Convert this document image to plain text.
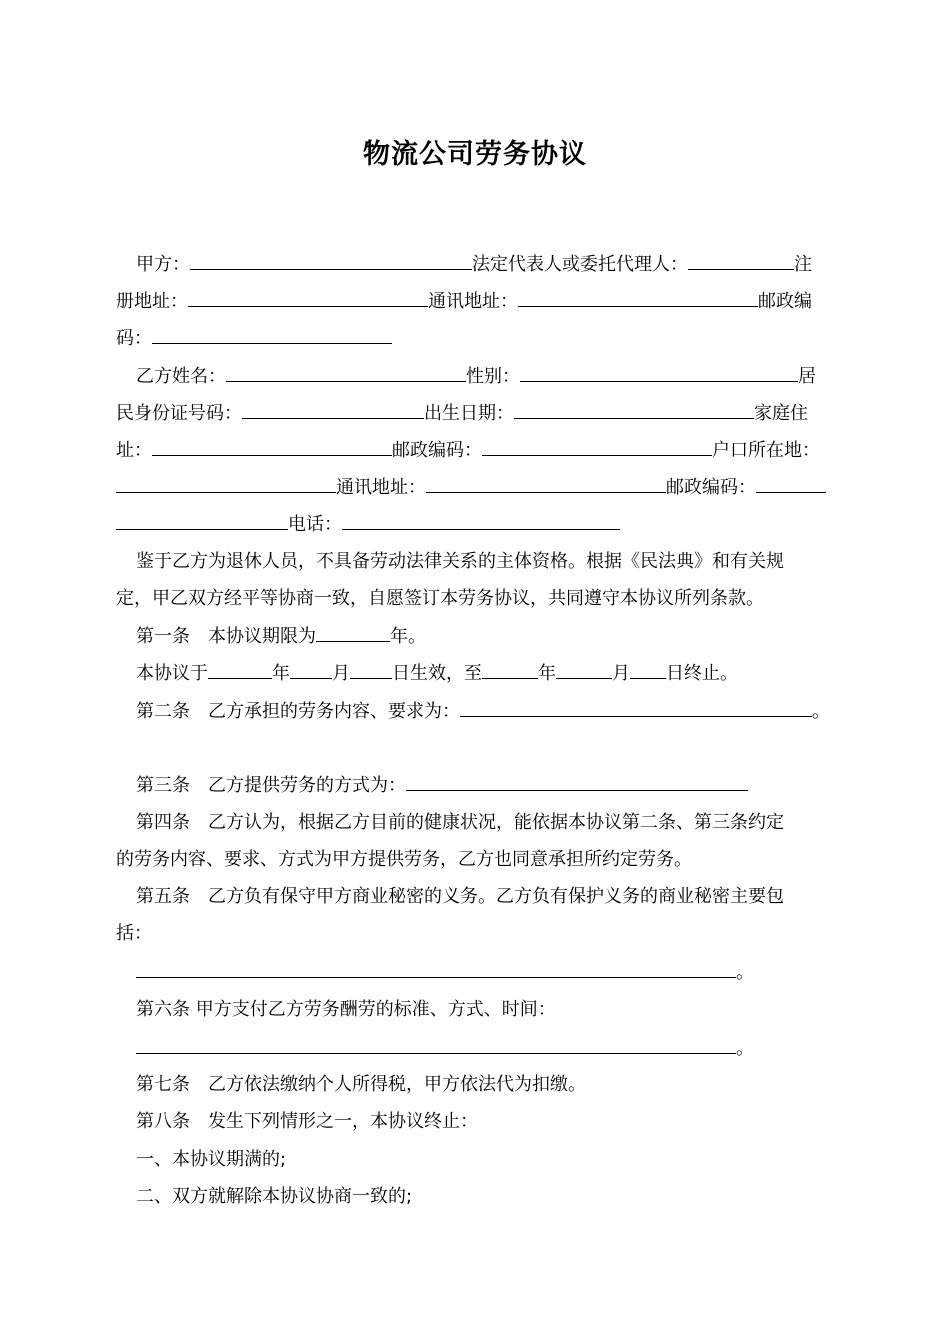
物流公司劳务协议
甲方：	法定代表人或委托代理人：	注
册地址：	通讯地址：	邮政编
码：
乙方姓名：	性别：	居
民身份证号码：	出生日期：	家庭住
址：	邮政编码：	户口所在地：
通讯地址：	邮政编码：
电话：
鉴于乙方为退休人员，不具备劳动法律关系的主体资格。根据《民法典》和有关规
定，甲乙双方经平等协商一致，自愿签订本劳务协议，共同遵守本协议所列条款。
第一条　本协议期限为	年。
本协议于	年 月 日生效，至	年	月 日终止。
第二条　乙方承担的劳务内容、要求为：	。
第三条　乙方提供劳务的方式为：
第四条　乙方认为，根据乙方目前的健康状况，能依据本协议第二条、第三条约定
的劳务内容、要求、方式为甲方提供劳务，乙方也同意承担所约定劳务。
第五条　乙方负有保守甲方商业秘密的义务。乙方负有保护义务的商业秘密主要包
括：
。
第六条 甲方支付乙方劳务酬劳的标准、方式、时间：
。
第七条　乙方依法缴纳个人所得税，甲方依法代为扣缴。
第八条　发生下列情形之一，本协议终止：
一、本协议期满的;
二、双方就解除本协议协商一致的;
